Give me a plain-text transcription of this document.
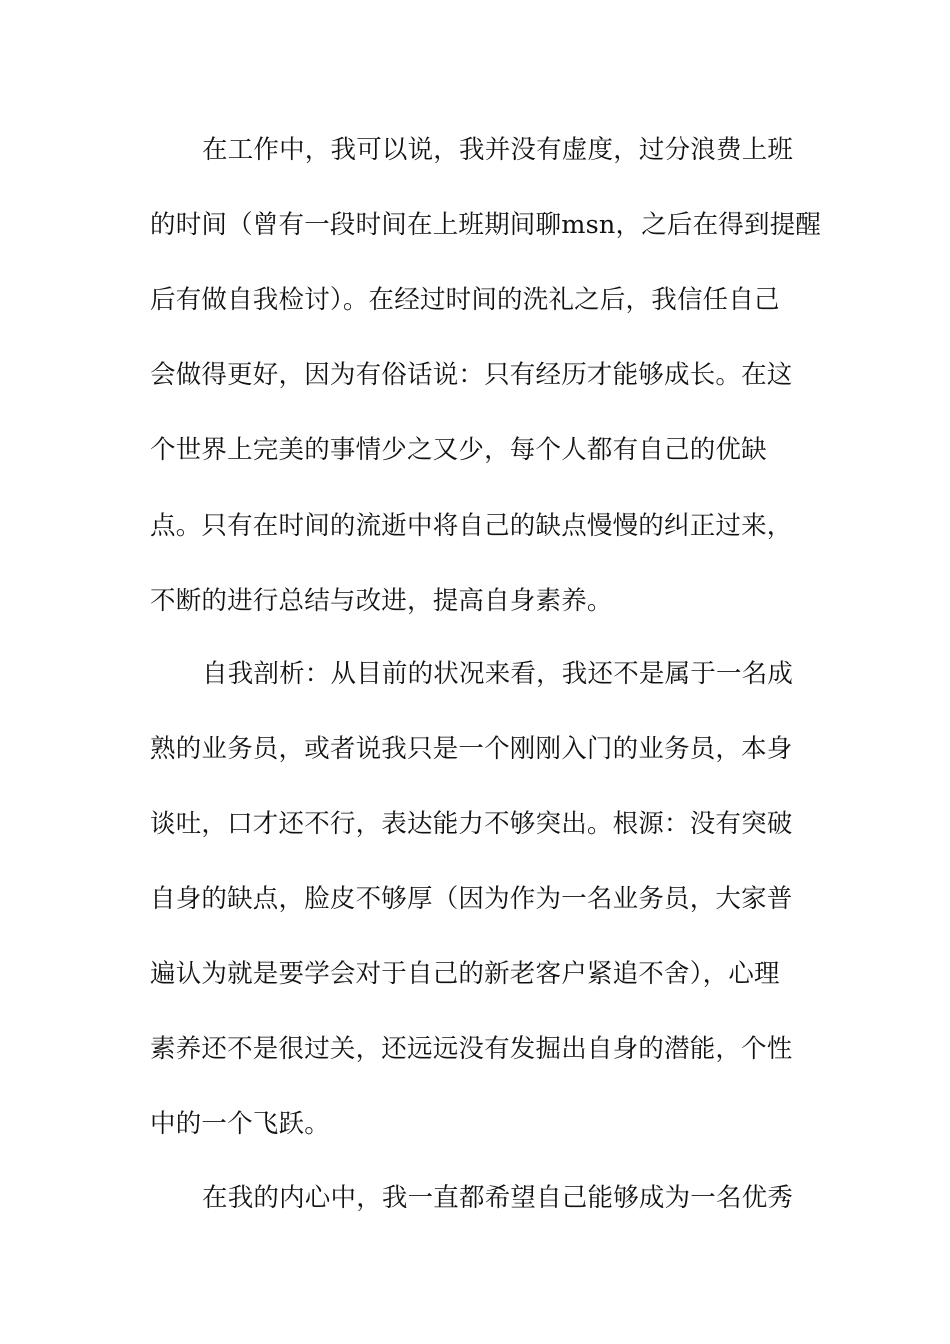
在工作中，我可以说，我并没有虚度，过分浪费上班
的时间（曾有一段时间在上班期间聊msn，之后在得到提醒
后有做自我检讨）。在经过时间的洗礼之后，我信任自己
会做得更好，因为有俗话说：只有经历才能够成长。在这
个世界上完美的事情少之又少，每个人都有自己的优缺
点。只有在时间的流逝中将自己的缺点慢慢的纠正过来，
不断的进行总结与改进，提高自身素养。
自我剖析：从目前的状况来看，我还不是属于一名成
熟的业务员，或者说我只是一个刚刚入门的业务员，本身
谈吐，口才还不行，表达能力不够突出。根源：没有突破
自身的缺点，脸皮不够厚（因为作为一名业务员，大家普
遍认为就是要学会对于自己的新老客户紧追不舍），心理
素养还不是很过关，还远远没有发掘出自身的潜能，个性
中的一个飞跃。
在我的内心中，我一直都希望自己能够成为一名优秀
